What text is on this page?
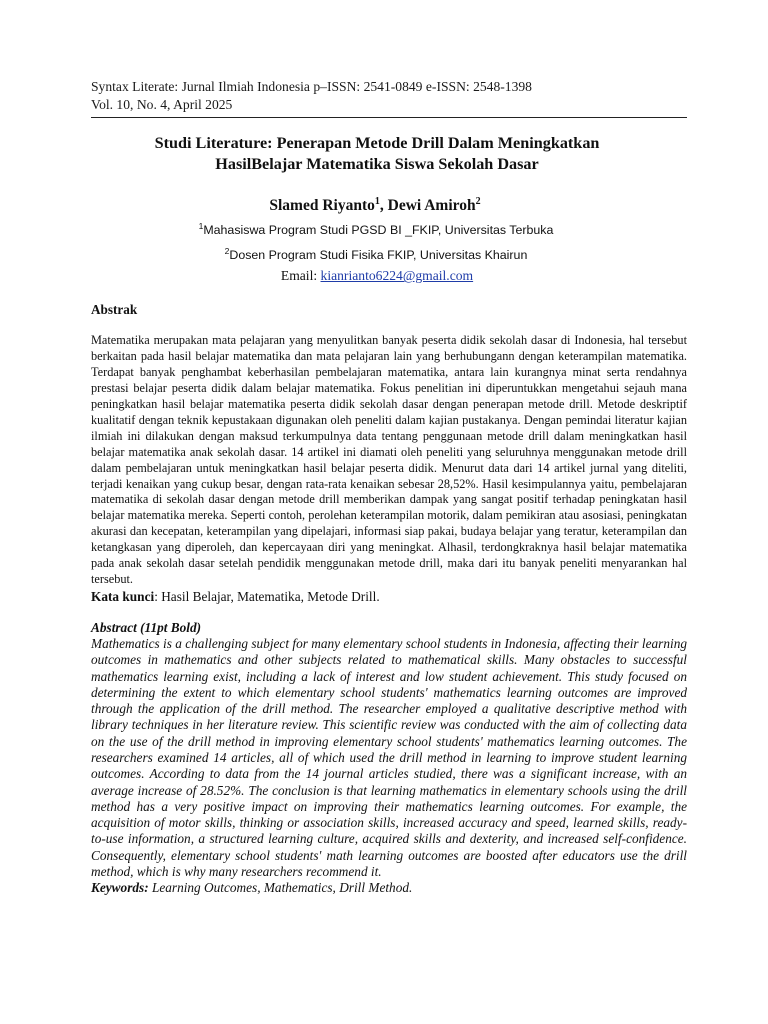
Syntax Literate: Jurnal Ilmiah Indonesia p–ISSN: 2541-0849 e-ISSN: 2548-1398
Vol. 10, No. 4, April 2025
Studi Literature: Penerapan Metode Drill Dalam Meningkatkan
HasilBelajar Matematika Siswa Sekolah Dasar
Slamed Riyanto$^1$, Dewi Amiroh$^2$
$^1$Mahasiswa Program Studi PGSD BI _FKIP, Universitas Terbuka
$^2$Dosen Program Studi Fisika FKIP, Universitas Khairun
Email: kianrianto6224@gmail.com
Abstrak
Matematika merupakan mata pelajaran yang menyulitkan banyak peserta didik sekolah dasar di Indonesia, hal tersebut berkaitan pada hasil belajar matematika dan mata pelajaran lain yang berhubungann dengan keterampilan matematika. Terdapat banyak penghambat keberhasilan pembelajaran matematika, antara lain kurangnya minat serta rendahnya prestasi belajar peserta didik dalam belajar matematika. Fokus penelitian ini diperuntukkan mengetahui sejauh mana peningkatkan hasil belajar matematika peserta didik sekolah dasar dengan penerapan metode drill. Metode deskriptif kualitatif dengan teknik kepustakaan digunakan oleh peneliti dalam kajian pustakanya. Dengan pemindai literatur kajian ilmiah ini dilakukan dengan maksud terkumpulnya data tentang penggunaan metode drill dalam meningkatkan hasil belajar matematika anak sekolah dasar. 14 artikel ini diamati oleh peneliti yang seluruhnya menggunakan metode drill dalam pembelajaran untuk meningkatkan hasil belajar peserta didik. Menurut data dari 14 artikel jurnal yang diteliti, terjadi kenaikan yang cukup besar, dengan rata-rata kenaikan sebesar 28,52%. Hasil kesimpulannya yaitu, pembelajaran matematika di sekolah dasar dengan metode drill memberikan dampak yang sangat positif terhadap peningkatan hasil belajar matematika mereka. Seperti contoh, perolehan keterampilan motorik, dalam pemikiran atau asosiasi, peningkatan akurasi dan kecepatan, keterampilan yang dipelajari, informasi siap pakai, budaya belajar yang teratur, keterampilan dan ketangkasan yang diperoleh, dan kepercayaan diri yang meningkat. Alhasil, terdongkraknya hasil belajar matematika pada anak sekolah dasar setelah pendidik menggunakan metode drill, maka dari itu banyak peneliti menyarankan hal tersebut.
Kata kunci: Hasil Belajar, Matematika, Metode Drill.
Abstract (11pt Bold)
Mathematics is a challenging subject for many elementary school students in Indonesia, affecting their learning outcomes in mathematics and other subjects related to mathematical skills. Many obstacles to successful mathematics learning exist, including a lack of interest and low student achievement. This study focused on determining the extent to which elementary school students' mathematics learning outcomes are improved through the application of the drill method. The researcher employed a qualitative descriptive method with library techniques in her literature review. This scientific review was conducted with the aim of collecting data on the use of the drill method in improving elementary school students' mathematics learning outcomes. The researchers examined 14 articles, all of which used the drill method in learning to improve student learning outcomes. According to data from the 14 journal articles studied, there was a significant increase, with an average increase of 28.52%. The conclusion is that learning mathematics in elementary schools using the drill method has a very positive impact on improving their mathematics learning outcomes. For example, the acquisition of motor skills, thinking or association skills, increased accuracy and speed, learned skills, ready-to-use information, a structured learning culture, acquired skills and dexterity, and increased self-confidence. Consequently, elementary school students' math learning outcomes are boosted after educators use the drill method, which is why many researchers recommend it.
Keywords: Learning Outcomes, Mathematics, Drill Method.
